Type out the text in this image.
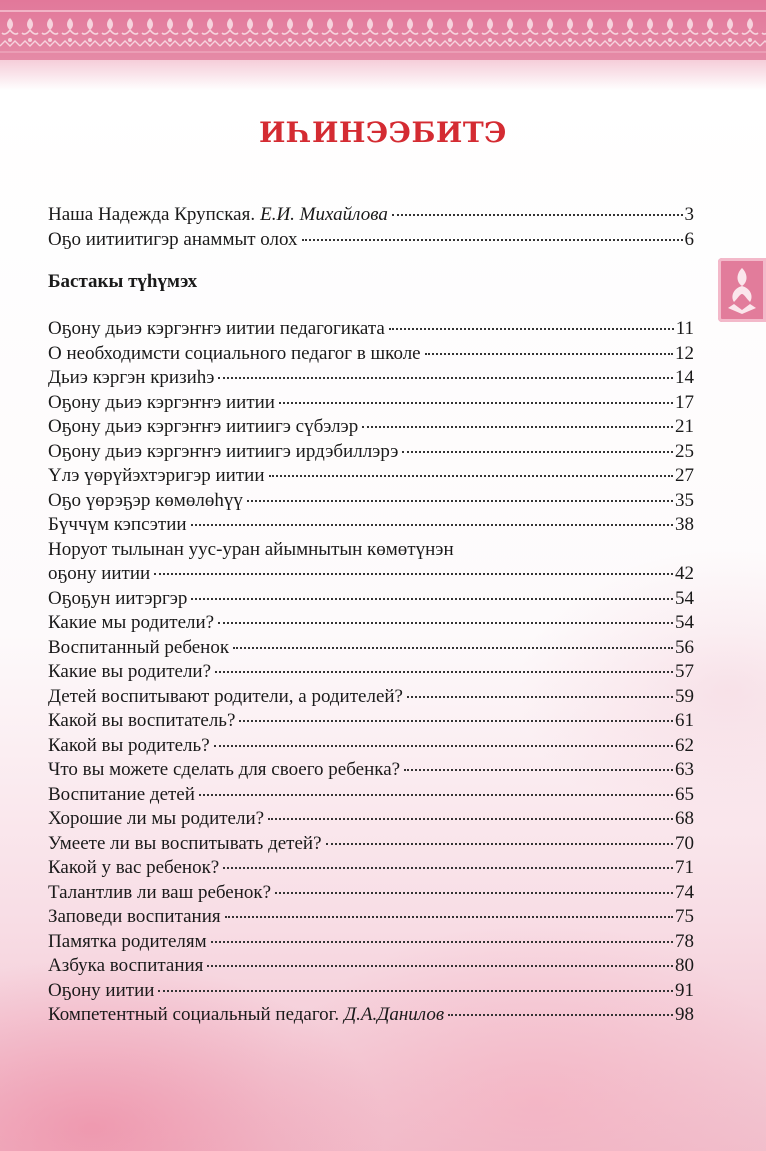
ИҺИНЭЭБИТЭ
Наша Надежда Крупская. Е.И. Михайлова	3
Оҕо иитиитигэр анаммыт олох	6
Бастакы түһүмэх
Оҕону дьиэ кэргэҥҥэ иитии педагогиката	11
О необходимсти социального педагог в школе	12
Дьиэ кэргэн кризиһэ	14
Оҕону дьиэ кэргэҥҥэ иитии	17
Оҕону дьиэ кэргэҥҥэ иитиигэ сүбэлэр	21
Оҕону дьиэ кэргэҥҥэ иитиигэ ирдэбиллэрэ	25
Үлэ үөрүйэхтэригэр иитии	27
Оҕо үөрэҕэр көмөлөһүү	35
Бүччүм кэпсэтии	38
Норуот тылынан уус-уран айымнытын көмөтүнэн
оҕону иитии	42
Оҕоҕун иитэргэр	54
Какие мы родители?	54
Воспитанный ребенок	56
Какие вы родители?	57
Детей воспитывают родители, а родителей?	59
Какой вы воспитатель?	61
Какой вы родитель?	62
Что вы можете сделать для своего ребенка?	63
Воспитание детей	65
Хорошие ли мы родители?	68
Умеете ли вы воспитывать детей?	70
Какой у вас ребенок?	71
Талантлив ли ваш ребенок?	74
Заповеди воспитания	75
Памятка родителям	78
Азбука воспитания	80
Оҕону иитии	91
Компетентный социальный педагог. Д.А.Данилов	98
